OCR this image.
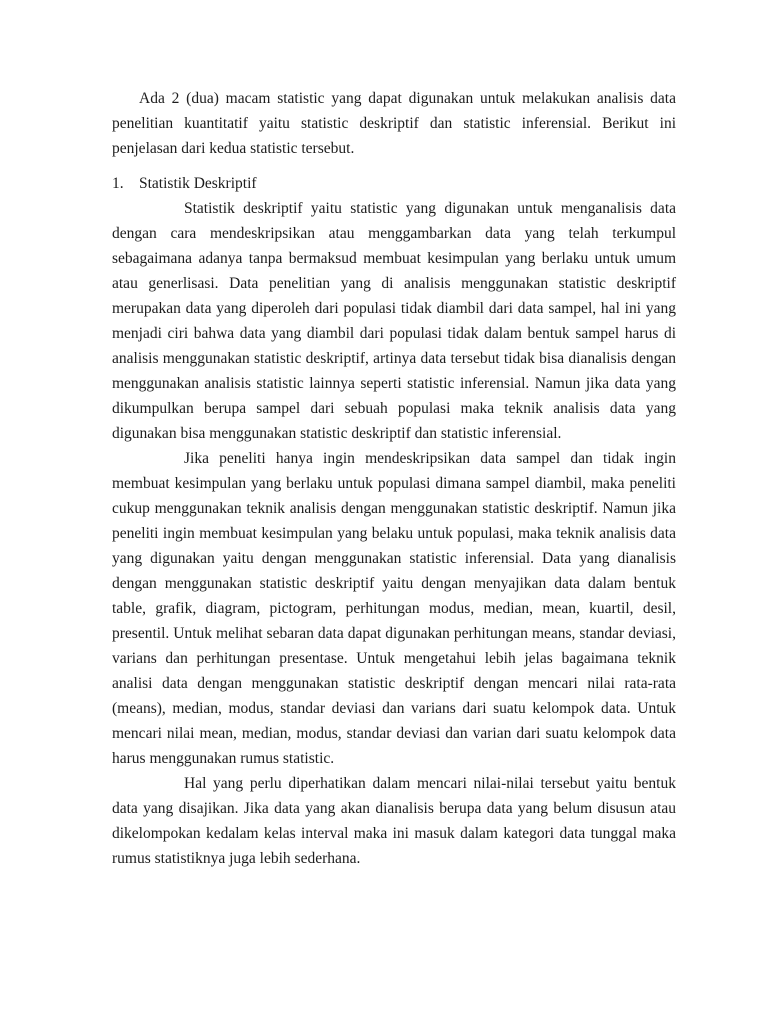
Ada 2 (dua) macam statistic yang dapat digunakan untuk melakukan analisis data penelitian kuantitatif yaitu statistic deskriptif dan statistic inferensial. Berikut ini penjelasan dari kedua statistic tersebut.

1. Statistik Deskriptif

Statistik deskriptif yaitu statistic yang digunakan untuk menganalisis data dengan cara mendeskripsikan atau menggambarkan data yang telah terkumpul sebagaimana adanya tanpa bermaksud membuat kesimpulan yang berlaku untuk umum atau generlisasi. Data penelitian yang di analisis menggunakan statistic deskriptif merupakan data yang diperoleh dari populasi tidak diambil dari data sampel, hal ini yang menjadi ciri bahwa data yang diambil dari populasi tidak dalam bentuk sampel harus di analisis menggunakan statistic deskriptif, artinya data tersebut tidak bisa dianalisis dengan menggunakan analisis statistic lainnya seperti statistic inferensial. Namun jika data yang dikumpulkan berupa sampel dari sebuah populasi maka teknik analisis data yang digunakan bisa menggunakan statistic deskriptif dan statistic inferensial.

Jika peneliti hanya ingin mendeskripsikan data sampel dan tidak ingin membuat kesimpulan yang berlaku untuk populasi dimana sampel diambil, maka peneliti cukup menggunakan teknik analisis dengan menggunakan statistic deskriptif. Namun jika peneliti ingin membuat kesimpulan yang belaku untuk populasi, maka teknik analisis data yang digunakan yaitu dengan menggunakan statistic inferensial. Data yang dianalisis dengan menggunakan statistic deskriptif yaitu dengan menyajikan data dalam bentuk table, grafik, diagram, pictogram, perhitungan modus, median, mean, kuartil, desil, presentil. Untuk melihat sebaran data dapat digunakan perhitungan means, standar deviasi, varians dan perhitungan presentase. Untuk mengetahui lebih jelas bagaimana teknik analisi data dengan menggunakan statistic deskriptif dengan mencari nilai rata-rata (means), median, modus, standar deviasi dan varians dari suatu kelompok data. Untuk mencari nilai mean, median, modus, standar deviasi dan varian dari suatu kelompok data harus menggunakan rumus statistic.

Hal yang perlu diperhatikan dalam mencari nilai-nilai tersebut yaitu bentuk data yang disajikan. Jika data yang akan dianalisis berupa data yang belum disusun atau dikelompokan kedalam kelas interval maka ini masuk dalam kategori data tunggal maka rumus statistiknya juga lebih sederhana.
